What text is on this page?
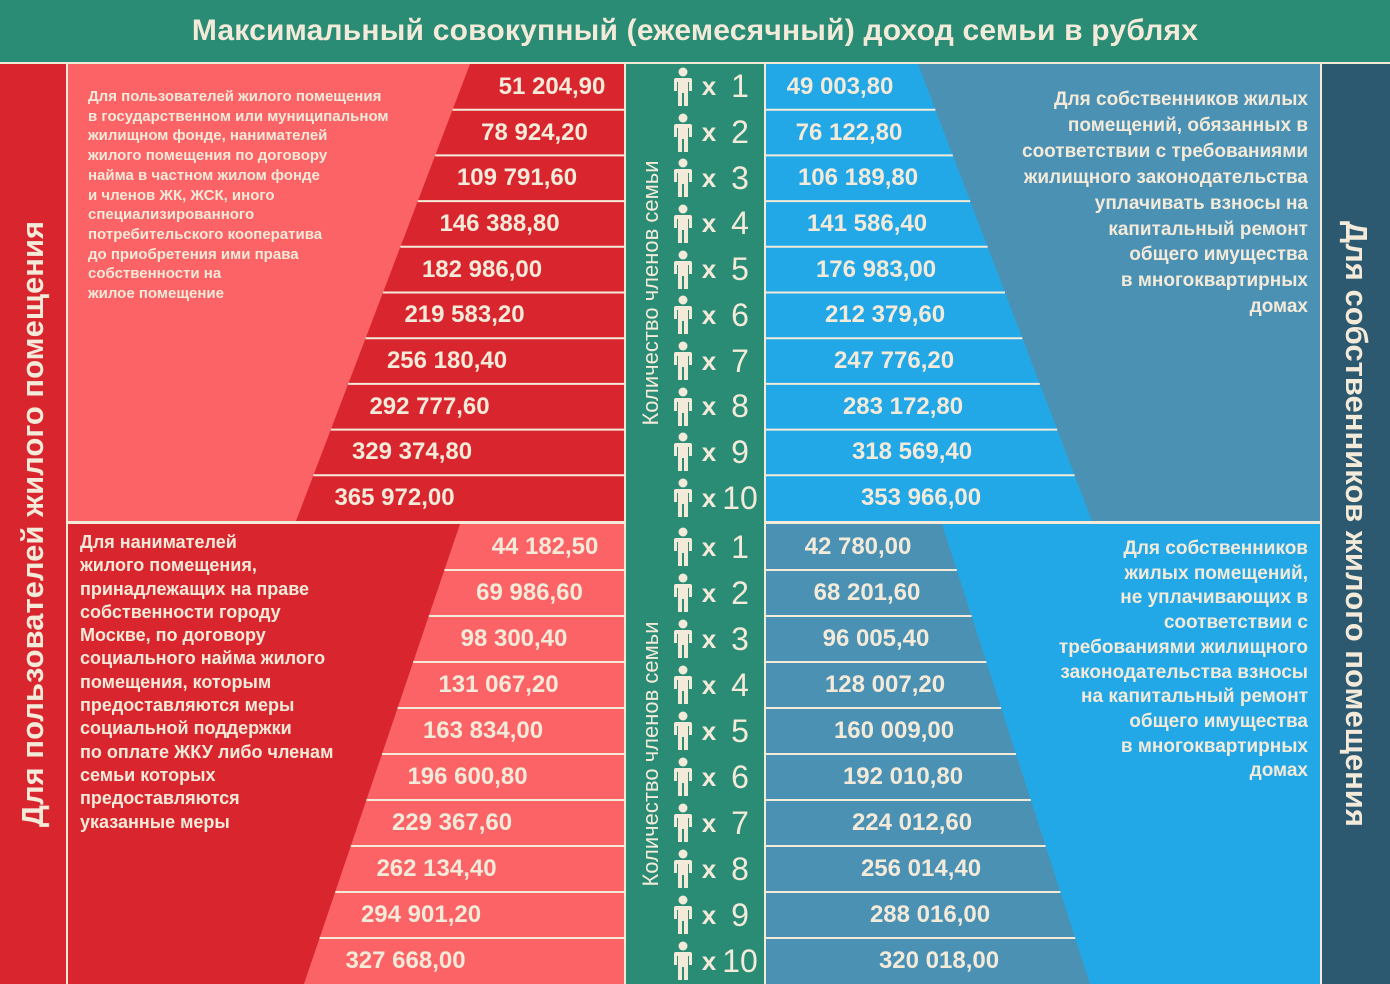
Максимальный совокупный (ежемесячный) доход семьи в рублях
Для пользователей жилого помещения	Для собственников жилого помещения
Количество членов семьи
Количество членов семьи

Для пользователей жилого помещения
в государственном или муниципальном
жилищном фонде, нанимателей
жилого помещения по договору
найма в частном жилом фонде
и членов ЖК, ЖСК, иного
специализированного
потребительского кооператива
до приобретения ими права
собственности на
жилое помещение

Для нанимателей
жилого помещения,
принадлежащих на праве
собственности городу
Москве, по договору
социального найма жилого
помещения, которым
предоставляются меры
социальной поддержки
по оплате ЖКУ либо членам
семьи которых
предоставляются
указанные меры

Для собственников жилых
помещений, обязанных в
соответствии с требованиями
жилищного законодательства
уплачивать взносы на
капитальный ремонт
общего имущества
в многоквартирных
домах

Для собственников
жилых помещений,
не уплачивающих в
соответствии с
требованиями жилищного
законодательства взносы
на капитальный ремонт
общего имущества
в многоквартирных
домах

51 204,90
78 924,20
109 791,60
146 388,80
182 986,00
219 583,20
256 180,40
292 777,60
329 374,80
365 972,00
44 182,50
69 986,60
98 300,40
131 067,20
163 834,00
196 600,80
229 367,60
262 134,40
294 901,20
327 668,00
49 003,80
76 122,80
106 189,80
141 586,40
176 983,00
212 379,60
247 776,20
283 172,80
318 569,40
353 966,00
42 780,00
68 201,60
96 005,40
128 007,20
160 009,00
192 010,80
224 012,60
256 014,40
288 016,00
320 018,00
x 1
x 2
x 3
x 4
x 5
x 6
x 7
x 8
x 9
x 10
x 1
x 2
x 3
x 4
x 5
x 6
x 7
x 8
x 9
x 10
